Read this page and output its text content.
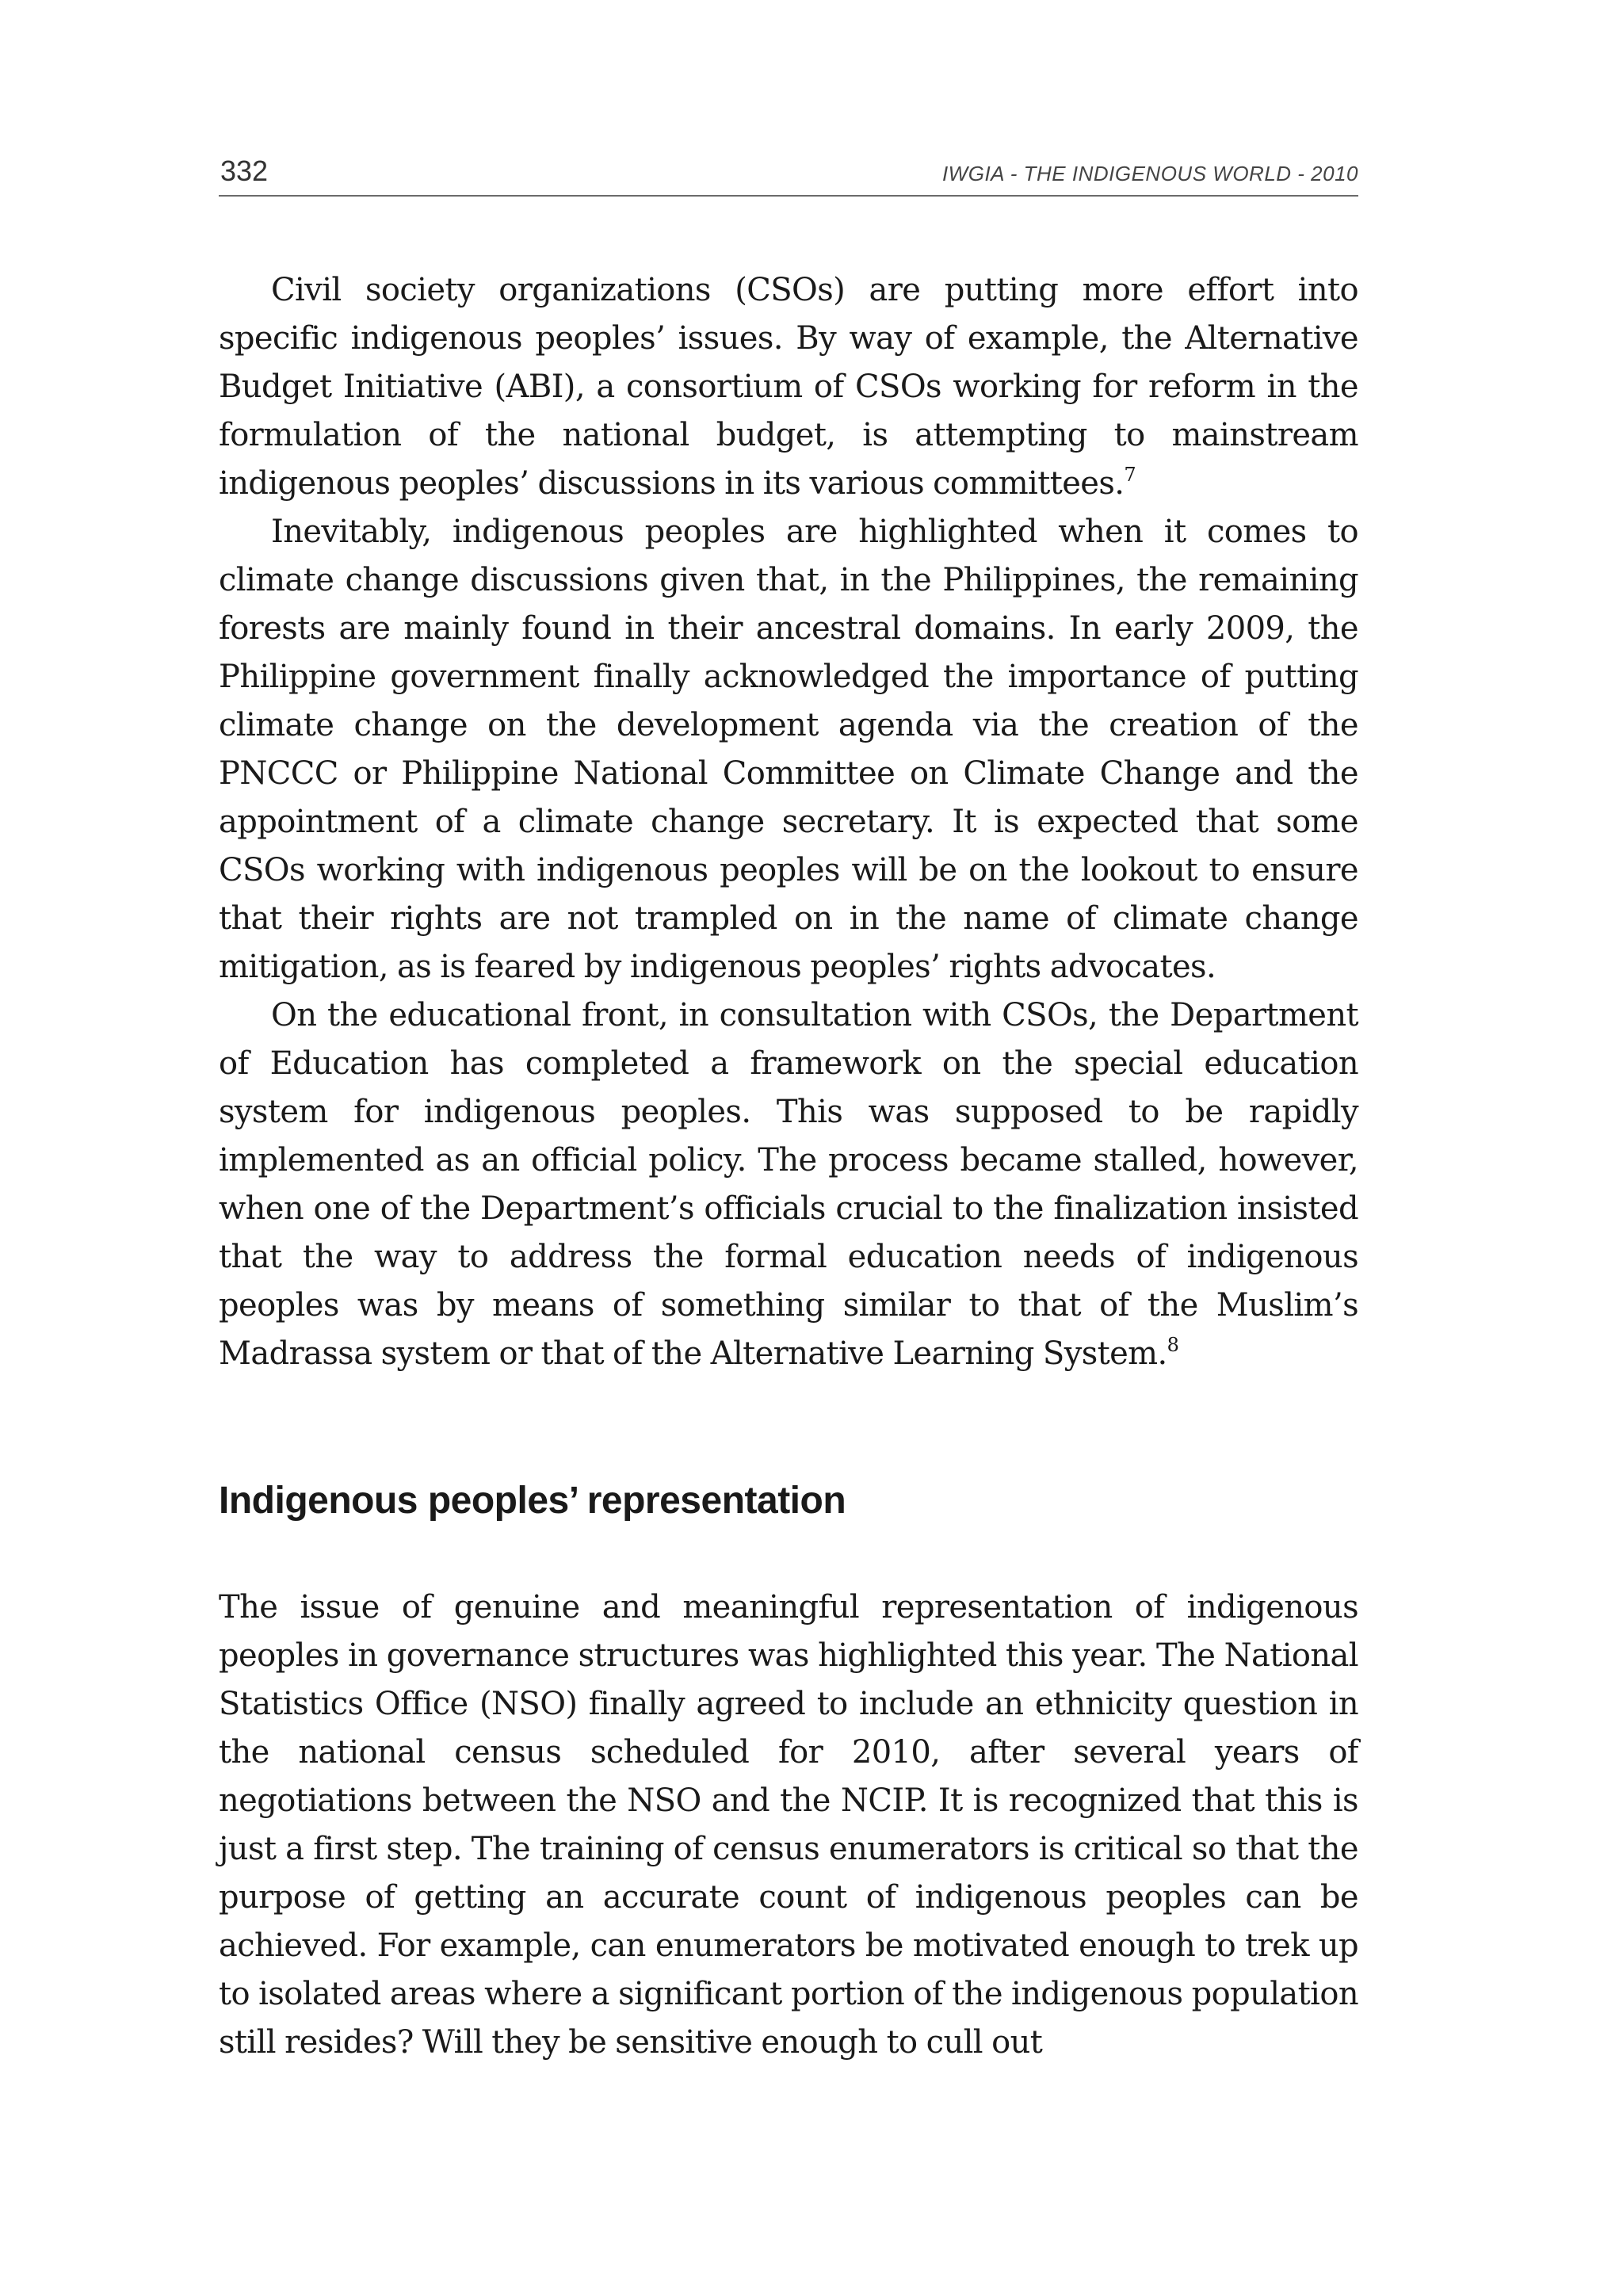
332	IWGIA - THE INDIGENOUS WORLD - 2010

Civil society organizations (CSOs) are putting more effort into specific indigenous peoples’ issues. By way of example, the Alternative Budget Initiative (ABI), a consortium of CSOs working for reform in the formulation of the national budget, is attempting to mainstream indigenous peoples’ discussions in its various committees.$^7$

Inevitably, indigenous peoples are highlighted when it comes to climate change discussions given that, in the Philippines, the remaining forests are mainly found in their ancestral domains. In early 2009, the Philippine government finally acknowledged the importance of putting climate change on the development agenda via the creation of the PNCCC or Philippine National Committee on Climate Change and the appointment of a climate change secretary. It is expected that some CSOs working with indigenous peoples will be on the lookout to ensure that their rights are not trampled on in the name of climate change mitigation, as is feared by indigenous peoples’ rights advocates.

On the educational front, in consultation with CSOs, the Department of Education has completed a framework on the special education system for indigenous peoples. This was supposed to be rapidly implemented as an official policy. The process became stalled, however, when one of the Department’s officials crucial to the finalization insisted that the way to address the formal education needs of indigenous peoples was by means of something similar to that of the Muslim’s Madrassa system or that of the Alternative Learning System.$^8$

Indigenous peoples’ representation

The issue of genuine and meaningful representation of indigenous peoples in governance structures was highlighted this year. The National Statistics Office (NSO) finally agreed to include an ethnicity question in the national census scheduled for 2010, after several years of negotiations between the NSO and the NCIP. It is recognized that this is just a first step. The training of census enumerators is critical so that the purpose of getting an accurate count of indigenous peoples can be achieved. For example, can enumerators be motivated enough to trek up to isolated areas where a significant portion of the indigenous population still resides? Will they be sensitive enough to cull out
